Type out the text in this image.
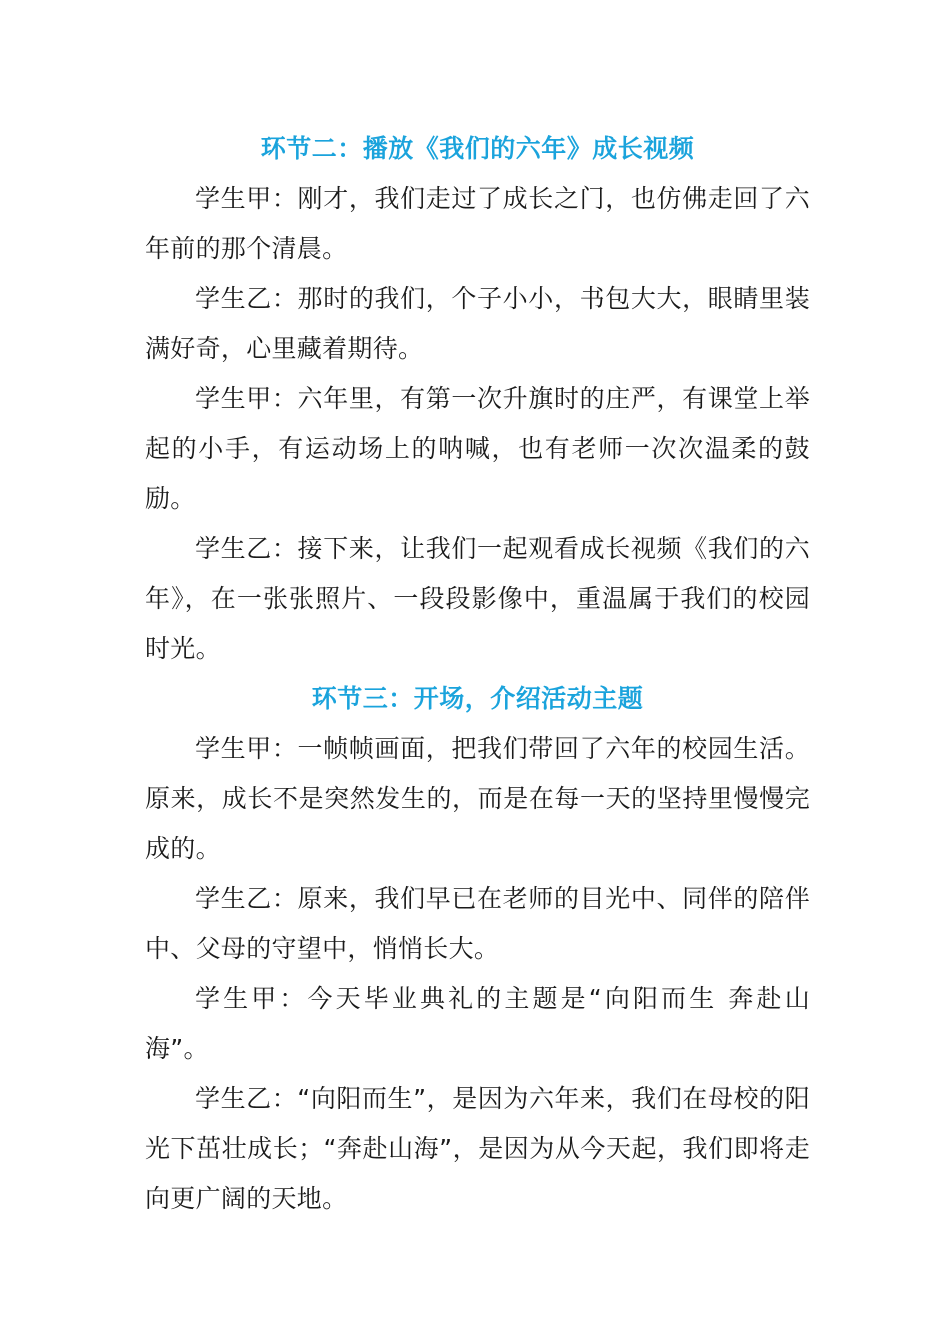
环节二：播放《我们的六年》成长视频

学生甲：刚才，我们走过了成长之门，也仿佛走回了六年前的那个清晨。

学生乙：那时的我们，个子小小，书包大大，眼睛里装满好奇，心里藏着期待。

学生甲：六年里，有第一次升旗时的庄严，有课堂上举起的小手，有运动场上的呐喊，也有老师一次次温柔的鼓励。

学生乙：接下来，让我们一起观看成长视频《我们的六年》，在一张张照片、一段段影像中，重温属于我们的校园时光。

环节三：开场，介绍活动主题

学生甲：一帧帧画面，把我们带回了六年的校园生活。原来，成长不是突然发生的，而是在每一天的坚持里慢慢完成的。

学生乙：原来，我们早已在老师的目光中、同伴的陪伴中、父母的守望中，悄悄长大。

学生甲：今天毕业典礼的主题是“向阳而生 奔赴山海”。

学生乙：“向阳而生”，是因为六年来，我们在母校的阳光下茁壮成长；“奔赴山海”，是因为从今天起，我们即将走向更广阔的天地。
